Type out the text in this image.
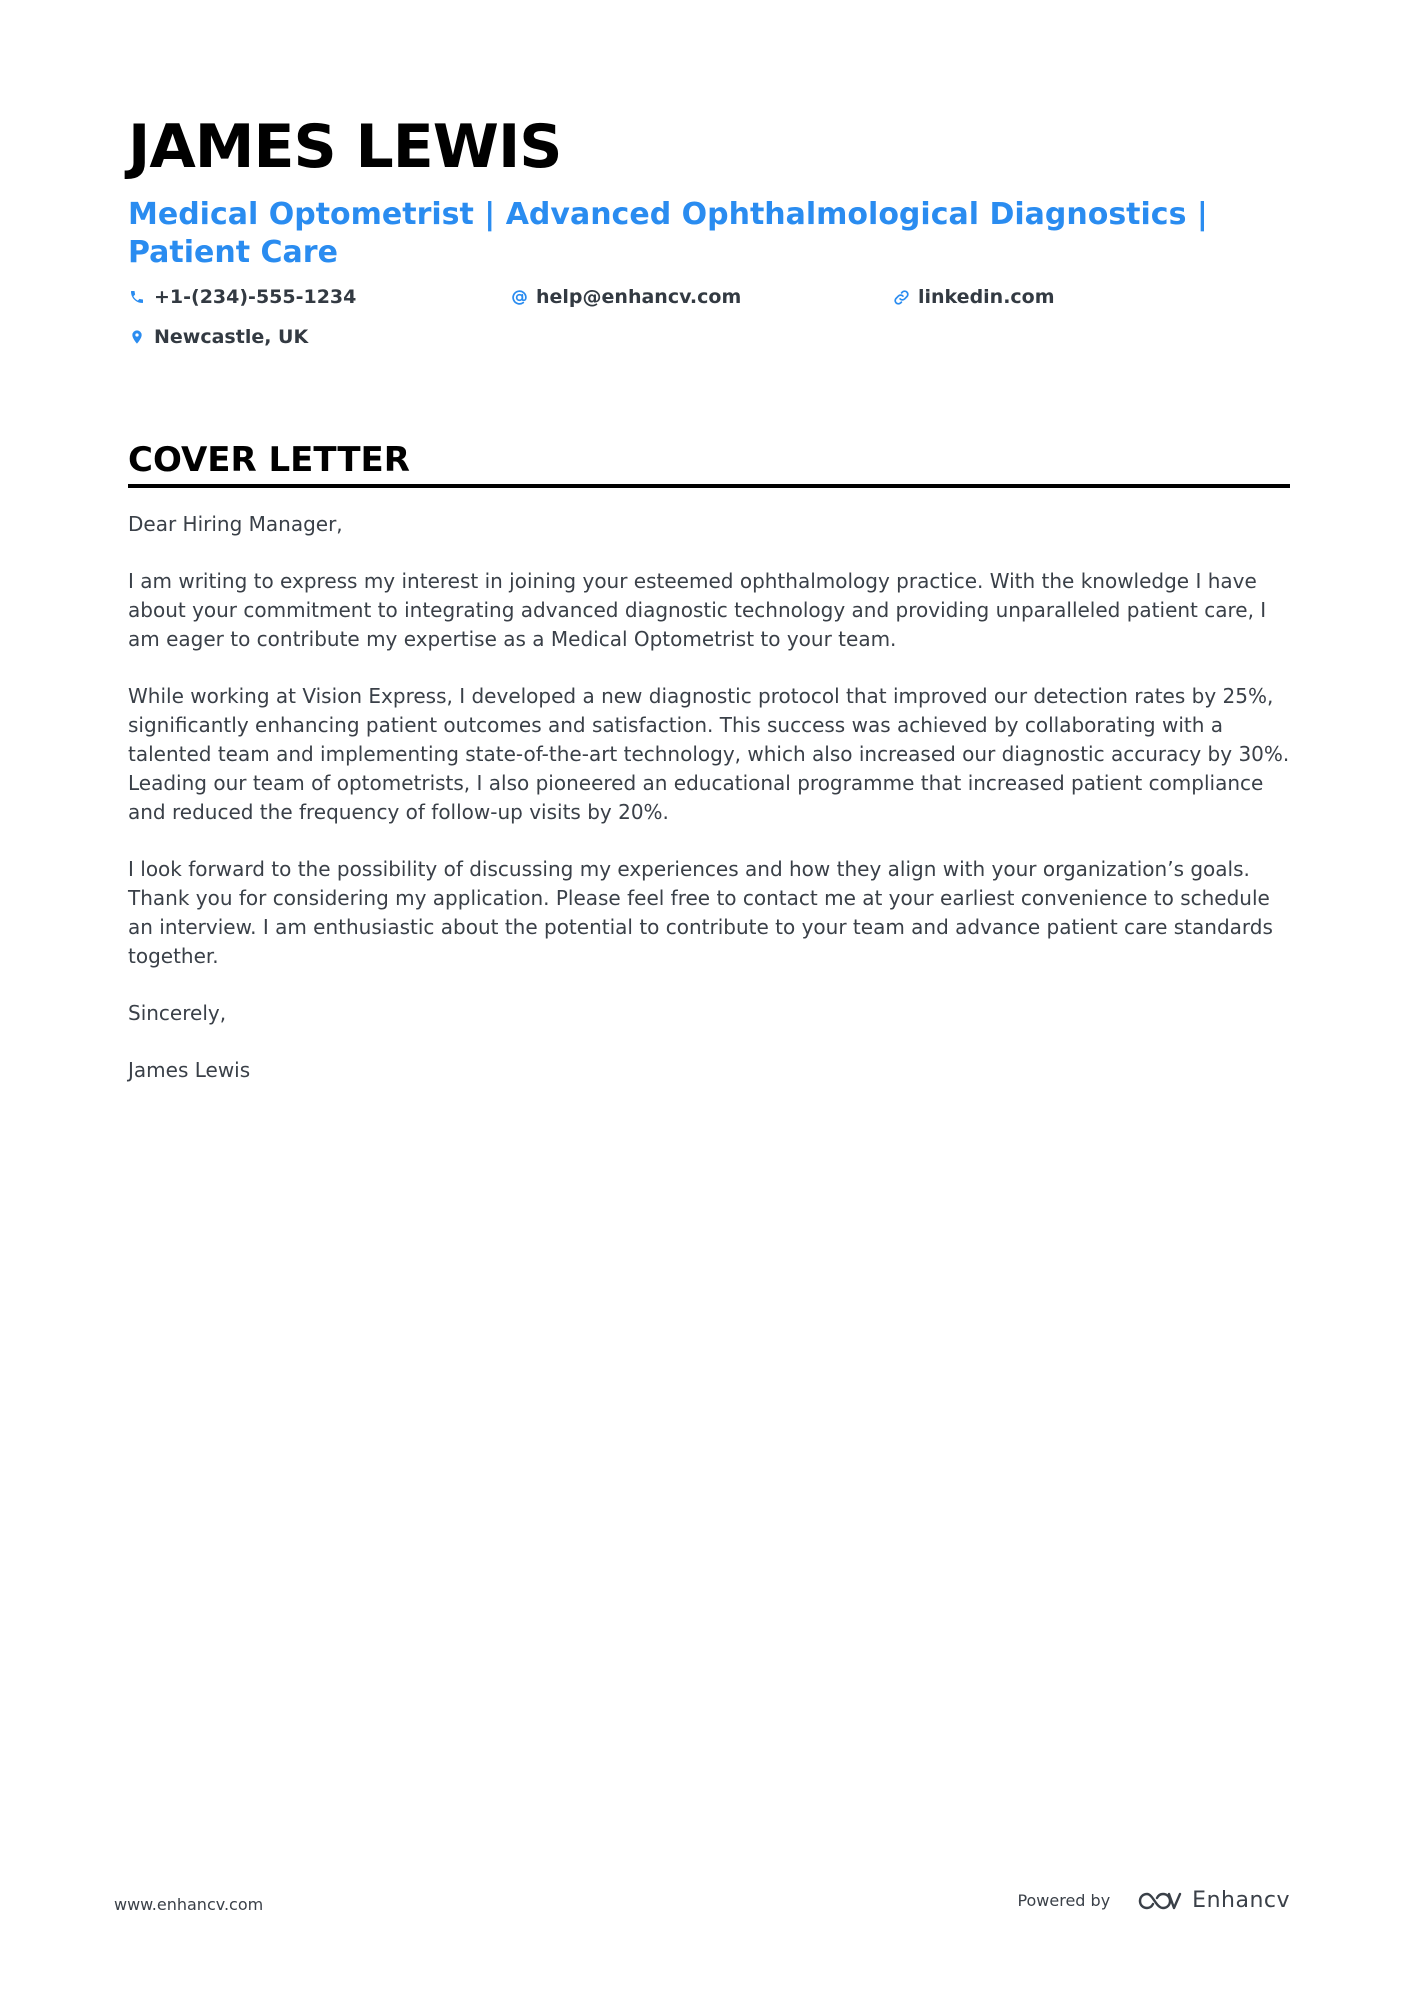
JAMES LEWIS
Medical Optometrist | Advanced Ophthalmological Diagnostics | Patient Care
+1-(234)-555-1234	help@enhancv.com	linkedin.com
Newcastle, UK
COVER LETTER

Dear Hiring Manager,

I am writing to express my interest in joining your esteemed ophthalmology practice. With the knowledge I have about your commitment to integrating advanced diagnostic technology and providing unparalleled patient care, I am eager to contribute my expertise as a Medical Optometrist to your team.

While working at Vision Express, I developed a new diagnostic protocol that improved our detection rates by 25%, significantly enhancing patient outcomes and satisfaction. This success was achieved by collaborating with a talented team and implementing state-of-the-art technology, which also increased our diagnostic accuracy by 30%. Leading our team of optometrists, I also pioneered an educational programme that increased patient compliance and reduced the frequency of follow-up visits by 20%.

I look forward to the possibility of discussing my experiences and how they align with your organization’s goals. Thank you for considering my application. Please feel free to contact me at your earliest convenience to schedule an interview. I am enthusiastic about the potential to contribute to your team and advance patient care standards together.

Sincerely,

James Lewis

www.enhancv.com	Powered by	Enhancv
